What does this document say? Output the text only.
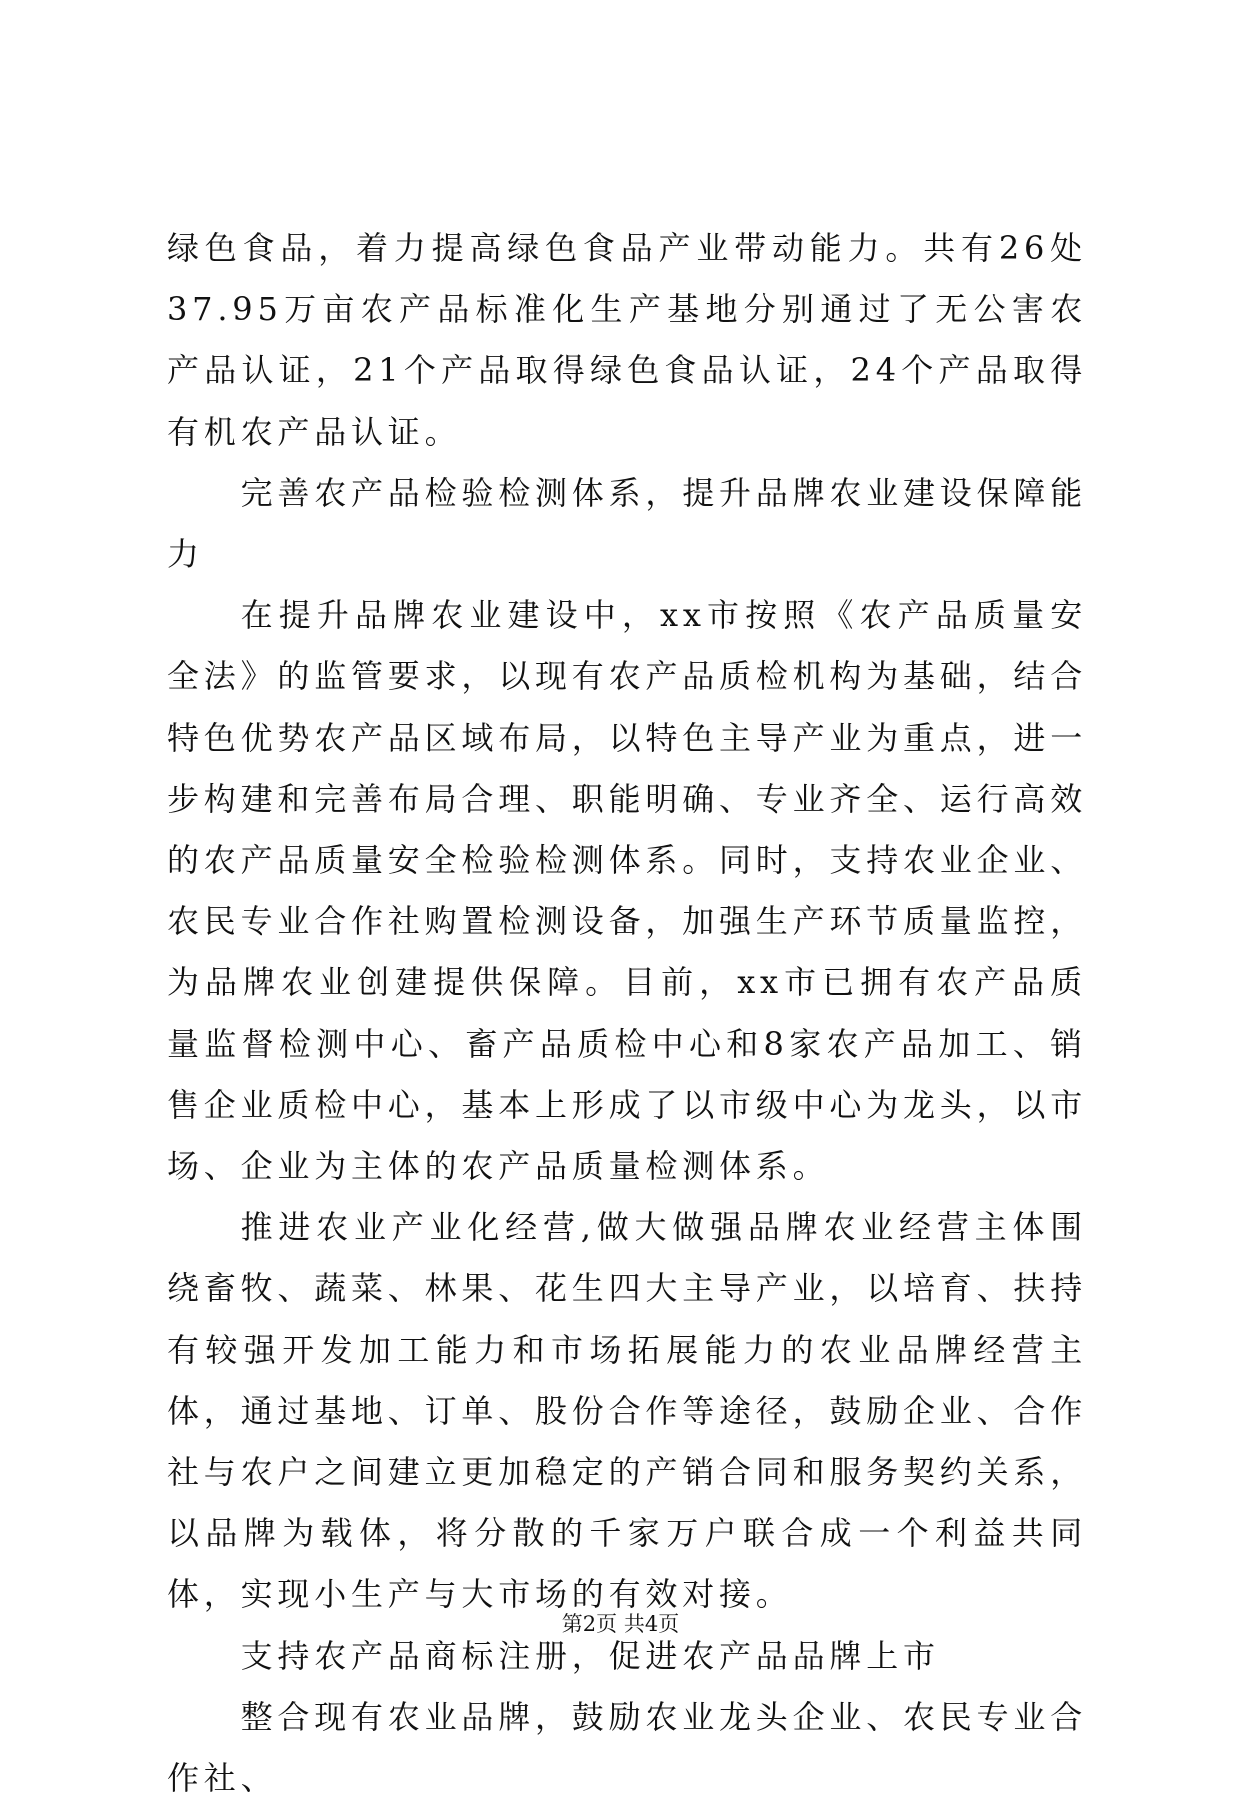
绿色食品，着力提高绿色食品产业带动能力。共有26处37.95万亩农产品标准化生产基地分别通过了无公害农产品认证，21个产品取得绿色食品认证，24个产品取得有机农产品认证。

完善农产品检验检测体系，提升品牌农业建设保障能力

在提升品牌农业建设中，xx市按照《农产品质量安全法》的监管要求，以现有农产品质检机构为基础，结合特色优势农产品区域布局，以特色主导产业为重点，进一步构建和完善布局合理、职能明确、专业齐全、运行高效的农产品质量安全检验检测体系。同时，支持农业企业、农民专业合作社购置检测设备，加强生产环节质量监控，为品牌农业创建提供保障。目前，xx市已拥有农产品质量监督检测中心、畜产品质检中心和8家农产品加工、销售企业质检中心，基本上形成了以市级中心为龙头，以市场、企业为主体的农产品质量检测体系。

推进农业产业化经营,做大做强品牌农业经营主体围绕畜牧、蔬菜、林果、花生四大主导产业，以培育、扶持有较强开发加工能力和市场拓展能力的农业品牌经营主体，通过基地、订单、股份合作等途径，鼓励企业、合作社与农户之间建立更加稳定的产销合同和服务契约关系，以品牌为载体，将分散的千家万户联合成一个利益共同体，实现小生产与大市场的有效对接。

支持农产品商标注册，促进农产品品牌上市

整合现有农业品牌，鼓励农业龙头企业、农民专业合作社、

第2页 共4页
